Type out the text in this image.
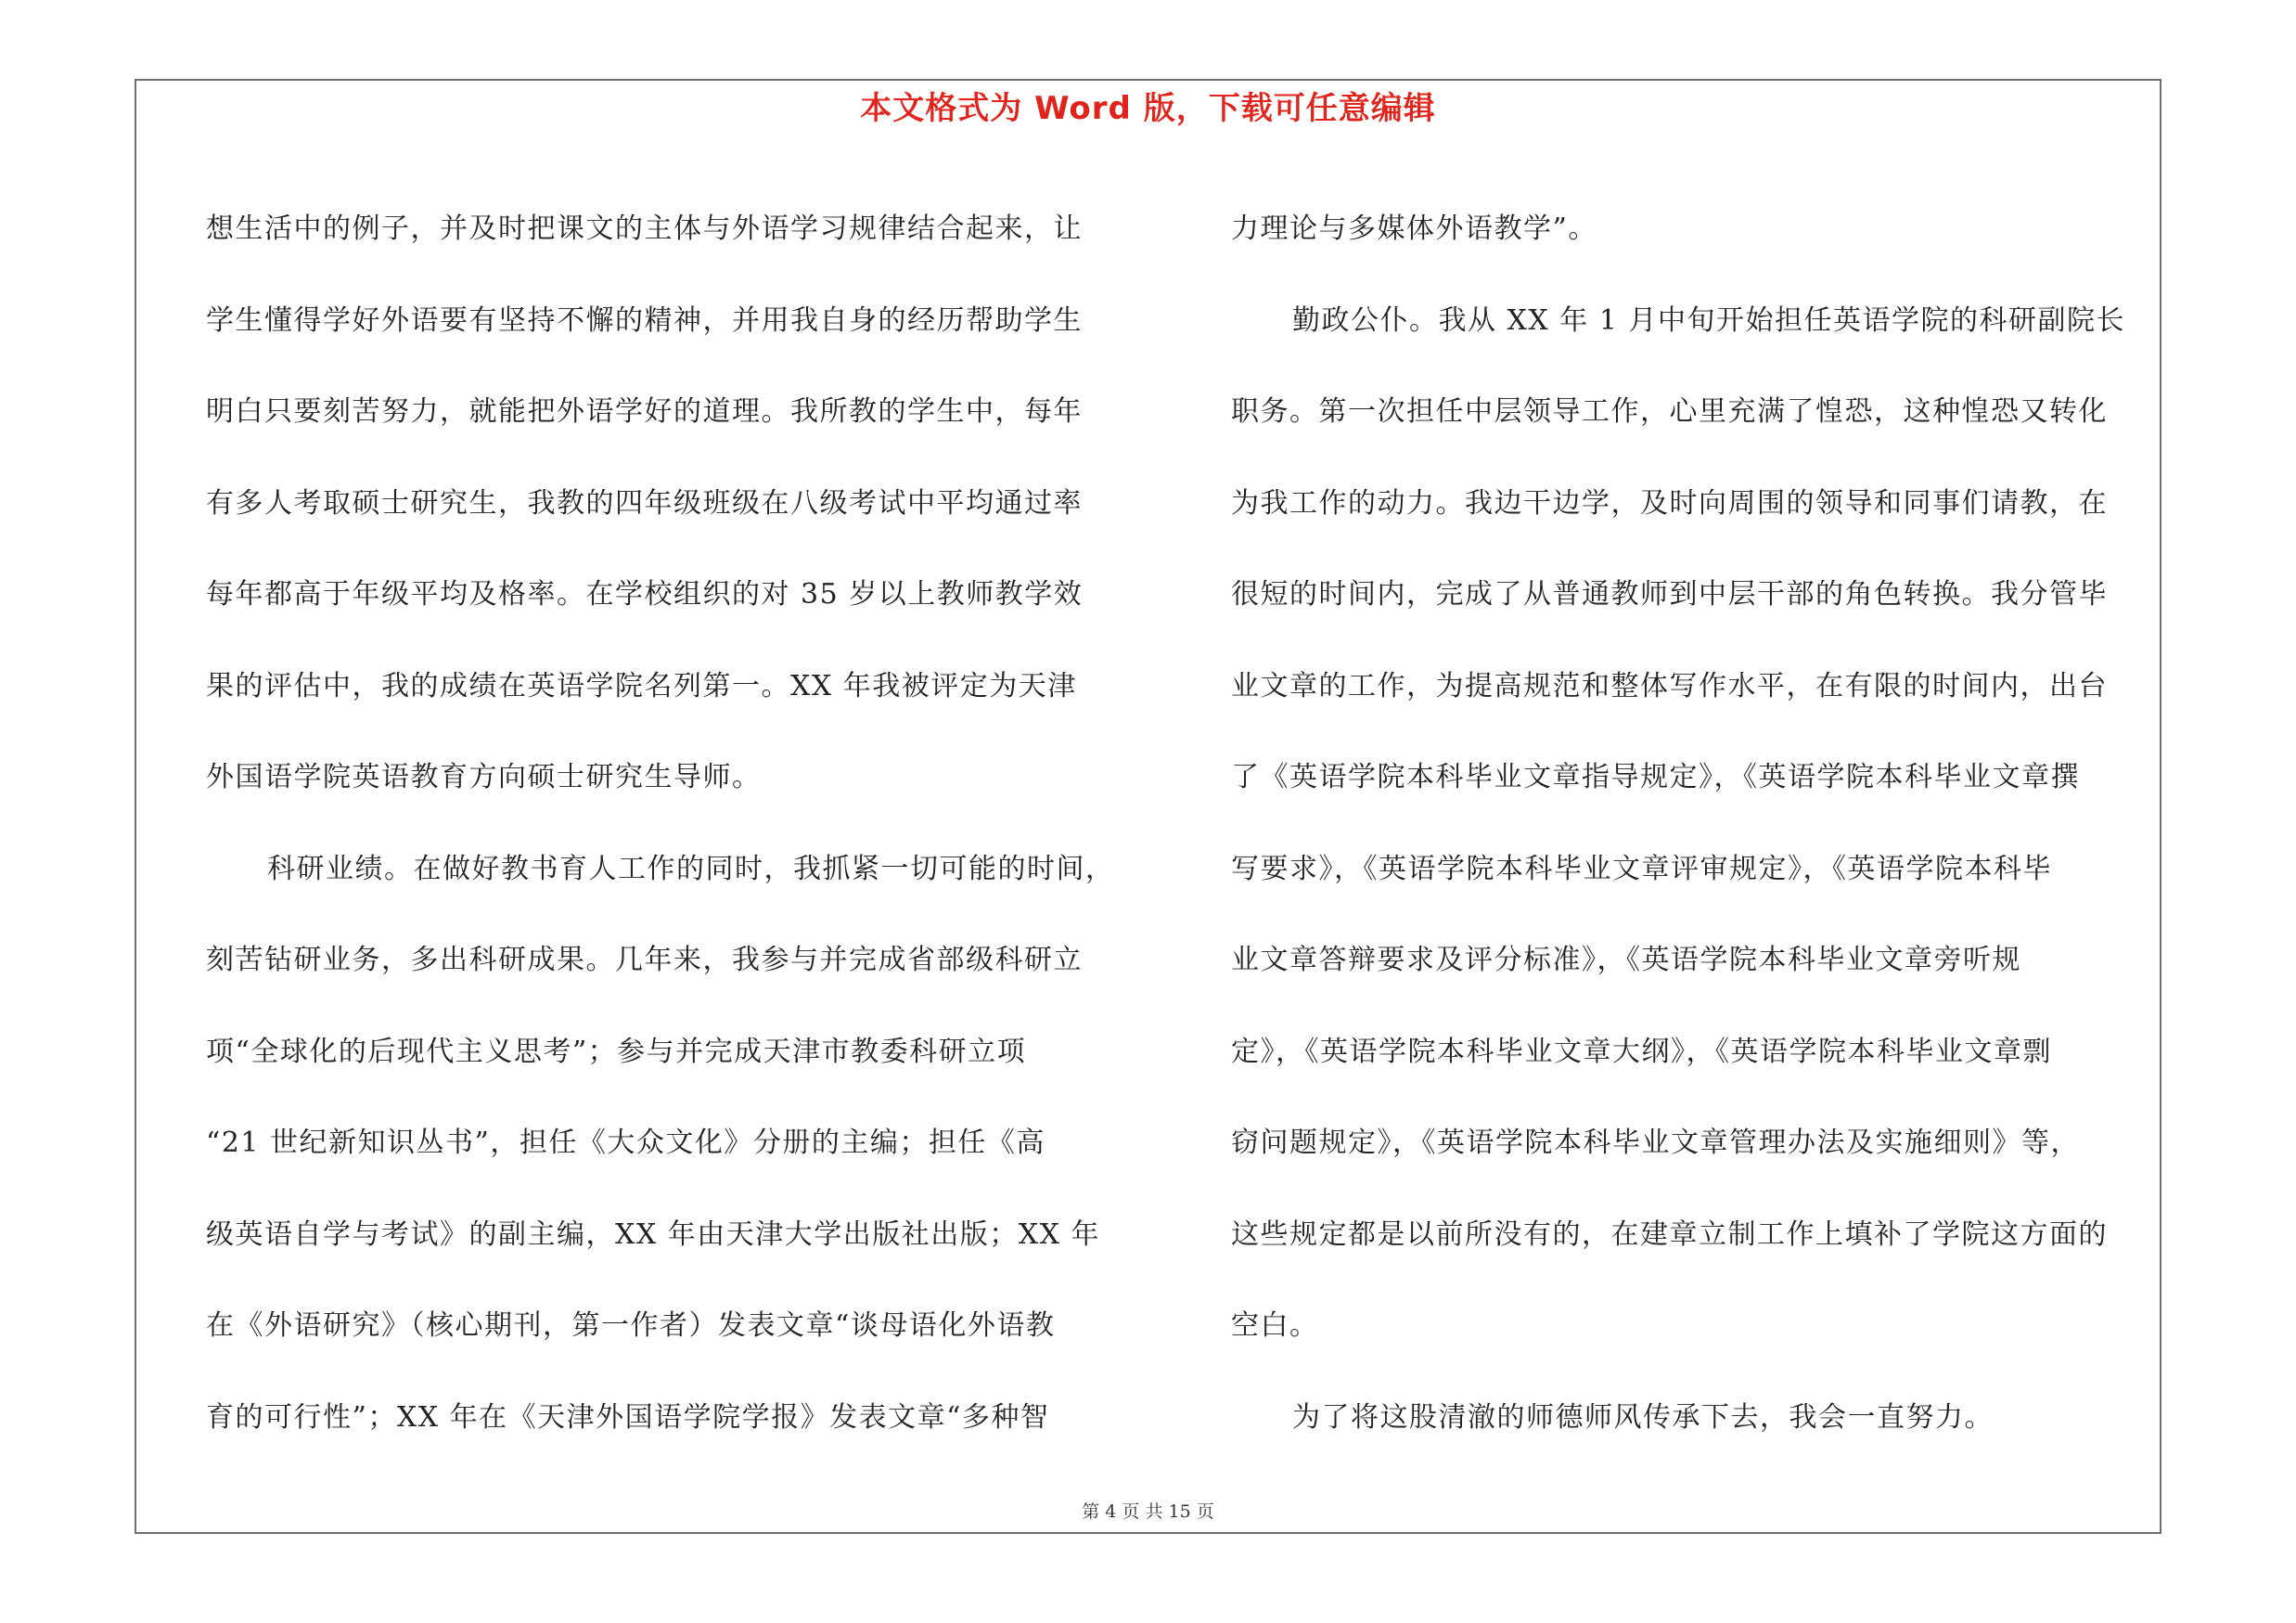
本文格式为 Word 版，下载可任意编辑
想生活中的例子，并及时把课文的主体与外语学习规律结合起来，让
学生懂得学好外语要有坚持不懈的精神，并用我自身的经历帮助学生
明白只要刻苦努力，就能把外语学好的道理。我所教的学生中，每年
有多人考取硕士研究生，我教的四年级班级在八级考试中平均通过率
每年都高于年级平均及格率。在学校组织的对 35 岁以上教师教学效
果的评估中，我的成绩在英语学院名列第一。XX 年我被评定为天津
外国语学院英语教育方向硕士研究生导师。
科研业绩。在做好教书育人工作的同时，我抓紧一切可能的时间，
刻苦钻研业务，多出科研成果。几年来，我参与并完成省部级科研立
项“全球化的后现代主义思考”；参与并完成天津市教委科研立项
“21 世纪新知识丛书”，担任《大众文化》分册的主编；担任《高
级英语自学与考试》的副主编，XX 年由天津大学出版社出版；XX 年
在《外语研究》（核心期刊，第一作者）发表文章“谈母语化外语教
育的可行性”；XX 年在《天津外国语学院学报》发表文章“多种智
力理论与多媒体外语教学”。
勤政公仆。我从 XX 年 1 月中旬开始担任英语学院的科研副院长
职务。第一次担任中层领导工作，心里充满了惶恐，这种惶恐又转化
为我工作的动力。我边干边学，及时向周围的领导和同事们请教，在
很短的时间内，完成了从普通教师到中层干部的角色转换。我分管毕
业文章的工作，为提高规范和整体写作水平，在有限的时间内，出台
了《英语学院本科毕业文章指导规定》，《英语学院本科毕业文章撰
写要求》，《英语学院本科毕业文章评审规定》，《英语学院本科毕
业文章答辩要求及评分标准》，《英语学院本科毕业文章旁听规
定》，《英语学院本科毕业文章大纲》，《英语学院本科毕业文章剽
窃问题规定》，《英语学院本科毕业文章管理办法及实施细则》等，
这些规定都是以前所没有的，在建章立制工作上填补了学院这方面的
空白。
为了将这股清澈的师德师风传承下去，我会一直努力。
第 4 页 共 15 页
